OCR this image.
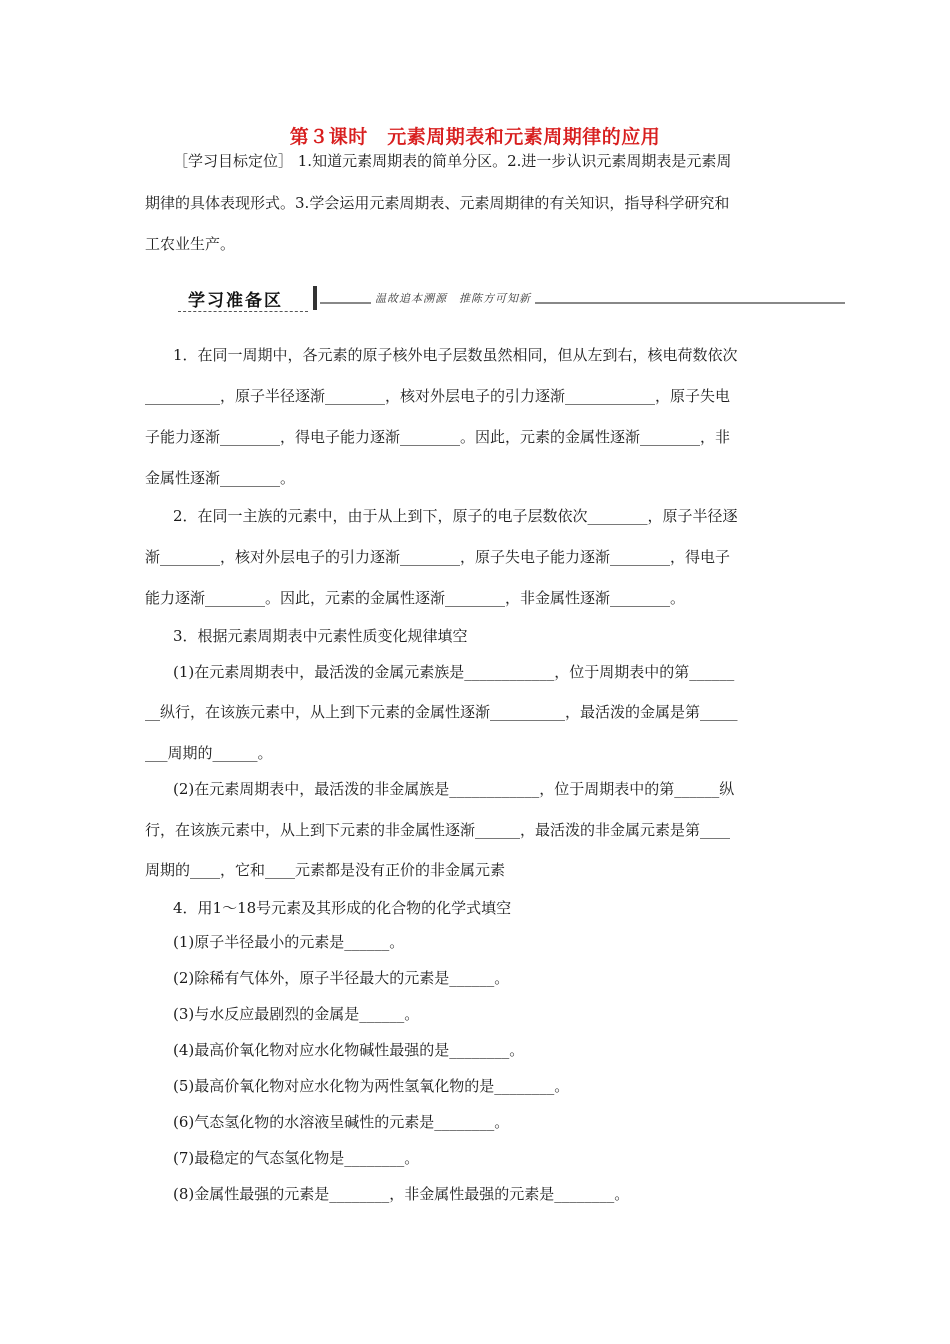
第３课时　元素周期表和元素周期律的应用
［学习目标定位］ 1.知道元素周期表的简单分区。2.进一步认识元素周期表是元素周
期律的具体表现形式。3.学会运用元素周期表、元素周期律的有关知识，指导科学研究和
工农业生产。
学习准备区	温故追本溯源　推陈方可知新
1．在同一周期中，各元素的原子核外电子层数虽然相同，但从左到右，核电荷数依次
__________，原子半径逐渐________，核对外层电子的引力逐渐____________，原子失电
子能力逐渐________，得电子能力逐渐________。因此，元素的金属性逐渐________，非
金属性逐渐________。
2．在同一主族的元素中，由于从上到下，原子的电子层数依次________，原子半径逐
渐________，核对外层电子的引力逐渐________，原子失电子能力逐渐________，得电子
能力逐渐________。因此，元素的金属性逐渐________，非金属性逐渐________。
3．根据元素周期表中元素性质变化规律填空
(1)在元素周期表中，最活泼的金属元素族是____________，位于周期表中的第______
__纵行，在该族元素中，从上到下元素的金属性逐渐__________，最活泼的金属是第_____
___周期的______。
(2)在元素周期表中，最活泼的非金属族是____________，位于周期表中的第______纵
行，在该族元素中，从上到下元素的非金属性逐渐______，最活泼的非金属元素是第____
周期的____，它和____元素都是没有正价的非金属元素
4．用1～18号元素及其形成的化合物的化学式填空
(1)原子半径最小的元素是______。
(2)除稀有气体外，原子半径最大的元素是______。
(3)与水反应最剧烈的金属是______。
(4)最高价氧化物对应水化物碱性最强的是________。
(5)最高价氧化物对应水化物为两性氢氧化物的是________。
(6)气态氢化物的水溶液呈碱性的元素是________。
(7)最稳定的气态氢化物是________。
(8)金属性最强的元素是________，非金属性最强的元素是________。
